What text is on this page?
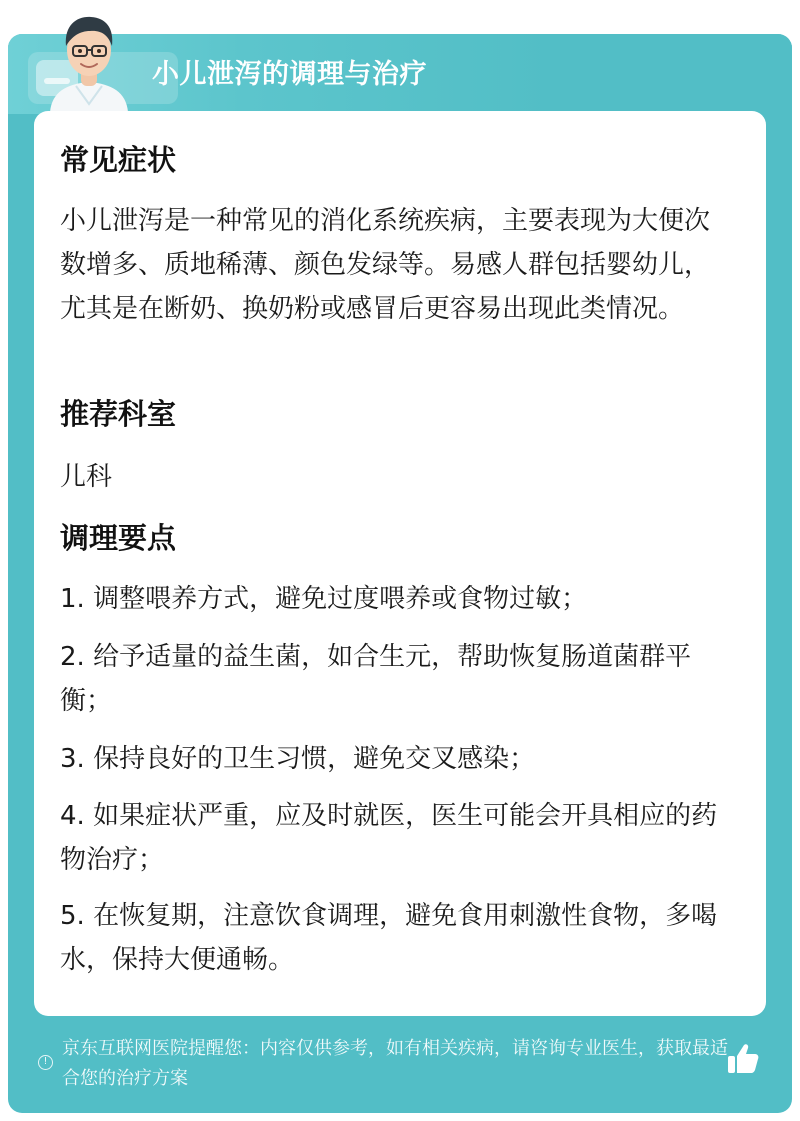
小儿泄泻的调理与治疗
常见症状
小儿泄泻是一种常见的消化系统疾病，主要表现为大便次数增多、质地稀薄、颜色发绿等。易感人群包括婴幼儿，尤其是在断奶、换奶粉或感冒后更容易出现此类情况。
推荐科室
儿科
调理要点
1. 调整喂养方式，避免过度喂养或食物过敏；
2. 给予适量的益生菌，如合生元，帮助恢复肠道菌群平衡；
3. 保持良好的卫生习惯，避免交叉感染；
4. 如果症状严重，应及时就医，医生可能会开具相应的药物治疗；
5. 在恢复期，注意饮食调理，避免食用刺激性食物，多喝水，保持大便通畅。
!
京东互联网医院提醒您：内容仅供参考，如有相关疾病，请咨询专业医生，获取最适合您的治疗方案
